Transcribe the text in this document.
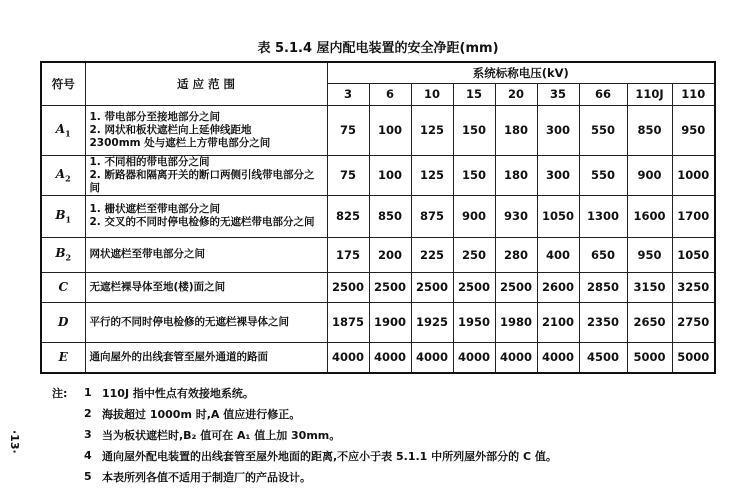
表 5.1.4 屋内配电装置的安全净距(mm)
符号	适 应 范 围	系统标称电压(kV)								
		3	6	10	15	20	35	66	110J	110
$A_1$	1. 带电部分至接地部分之间
2. 网状和板状遮栏向上延伸线距地
2300mm 处与遮栏上方带电部分之间	75	100	125	150	180	300	550	850	950
$A_2$	1. 不同相的带电部分之间
2. 断路器和隔离开关的断口两侧引线带电部分之间	75	100	125	150	180	300	550	900	1000
$B_1$	1. 栅状遮栏至带电部分之间
2. 交叉的不同时停电检修的无遮栏带电部分之间	825	850	875	900	930	1050	1300	1600	1700
$B_2$	网状遮栏至带电部分之间	175	200	225	250	280	400	650	950	1050
C	无遮栏裸导体至地(楼)面之间	2500	2500	2500	2500	2500	2600	2850	3150	3250
D	平行的不同时停电检修的无遮栏裸导体之间	1875	1900	1925	1950	1980	2100	2350	2650	2750
E	通向屋外的出线套管至屋外通道的路面	4000	4000	4000	4000	4000	4000	4500	5000	5000
注:	1 110J 指中性点有效接地系统。
2 海拔超过 1000m 时,A 值应进行修正。
3 当为板状遮栏时,B₂ 值可在 A₁ 值上加 30mm。
4 通向屋外配电装置的出线套管至屋外地面的距离,不应小于表 5.1.1 中所列屋外部分的 C 值。
5 本表所列各值不适用于制造厂的产品设计。
·13·
